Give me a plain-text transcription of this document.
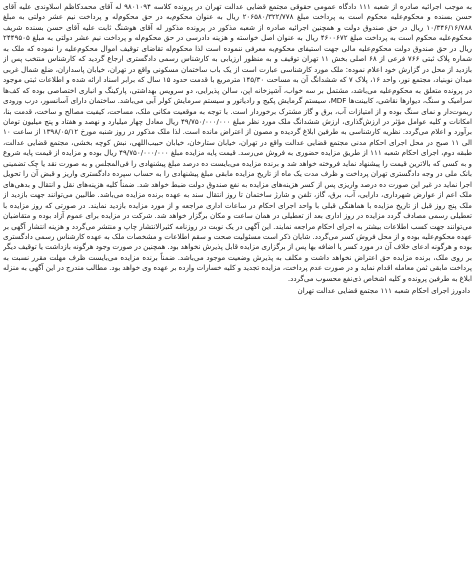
به موجب اجرائیه صادره از شعبه ۱۱۱ دادگاه عمومی حقوقی مجتمع قضایی عدالت تهران در پرونده کلاسه ۹۸۰۱۰۹۴ له آقای محمدکاظم اسلاوندی علیه آقای حسن بسنده و محکوم‌علیه محکوم است به پرداخت مبلغ ۲۰۶۵۸۰/۳۲۲/۷۷۸ ریال به عنوان محکوم‌به در حق محکوم‌له و پرداخت نیم عشر دولتی به مبلغ ۱۰/۳۴۶/۱۶/۷۸۸ ریال در حق صندوق دولت و همچنین اجرائیه صادره از شعبه مذکور در پرونده مذکور له آقای هوشنگ ثابت علیه آقای حسن بسنده شریف محکوم‌علیه محکوم است به پرداخت مبلغ ۴۶۰۰۶۷۲ ریال به عنوان اصل خواسته و هزینه دادرسی در حق محکوم‌له و پرداخت نیم عشر دولتی به مبلغ ۲۴۴۹۵۰۵ ریال در حق صندوق دولت محکوم‌علیه مالی جهت استیفای محکوم‌به معرفی ننموده است لذا محکوم‌له تقاضای توقیف اموال محکوم‌علیه را نموده که ملک به شماره پلاک ثبتی ۷۶۶ فرعی از ۶۸ اصلی بخش ۱۱ تهران توقیف و به منظور ارزیابی به کارشناس رسمی دادگستری ارجاع گردید که کارشناس منتخب پس از بازدید از محل در گزارش خود اعلام نموده: ملک مورد کارشناسی عبارت است از یک باب ساختمان مسکونی واقع در تهران، خیابان پاسداران، ضلع شمال غربی میدان نوبنیاد، مجتمع نور، واحد ۱۶، پلاک ۷ که ششدانگ آن به مساحت ۱۴۵/۳۰ مترمربع با قدمت حدود ۱۵ سال که برابر اسناد ارائه شده و اطلاعات ثبتی موجود در پرونده متعلق به محکوم‌علیه می‌باشد، مشتمل بر سه خواب، آشپزخانه اپن، سالن پذیرایی، دو سرویس بهداشتی، پارکینگ و انباری اختصاصی بوده که کف‌ها سرامیک و سنگ، دیوارها نقاشی، کابینت‌ها MDF، سیستم گرمایش پکیج و رادیاتور و سیستم سرمایش کولر آبی می‌باشد. ساختمان دارای آسانسور، درب ورودی ریموت‌دار و نمای سنگ بوده و از امتیازات آب، برق و گاز مشترک برخوردار است. با توجه به موقعیت مکانی ملک، مساحت، کیفیت مصالح و ساخت، قدمت بنا، امکانات و کلیه عوامل مؤثر در ارزش‌گذاری، ارزش ششدانگ ملک مورد نظر مبلغ ۴۹/۷۵۰/۰۰۰/۰۰۰ ریال معادل چهار میلیارد و نهصد و هفتاد و پنج میلیون تومان برآورد و اعلام می‌گردد. نظریه کارشناسی به طرفین ابلاغ گردیده و مصون از اعتراض مانده است. لذا ملک مذکور در روز شنبه مورخ ۱۳۹۸/۰۵/۱۲ از ساعت ۱۰ الی ۱۱ صبح در محل اجرای احکام مدنی مجتمع قضایی عدالت واقع در تهران، خیابان ستارخان، خیابان حبیب‌اللهی، نبش کوچه بخشی، مجتمع قضایی عدالت، طبقه دوم، اجرای احکام شعبه ۱۱۱ از طریق مزایده حضوری به فروش می‌رسد. قیمت پایه مزایده مبلغ ۴۹/۷۵۰/۰۰۰/۰۰۰ ریال بوده و مزایده از قیمت پایه شروع و به کسی که بالاترین قیمت را پیشنهاد نماید فروخته خواهد شد و برنده مزایده می‌بایست ده درصد مبلغ پیشنهادی را فی‌المجلس و به صورت نقد یا چک تضمینی بانک ملی در وجه دادگستری تهران پرداخت و ظرف مدت یک ماه از تاریخ مزایده مابقی مبلغ پیشنهادی را به حساب سپرده دادگستری واریز و قبض آن را تحویل اجرا نماید در غیر این صورت ده درصد واریزی پس از کسر هزینه‌های مزایده به نفع صندوق دولت ضبط خواهد شد. ضمناً کلیه هزینه‌های نقل و انتقال و بدهی‌های ملک اعم از عوارض شهرداری، دارایی، آب، برق، گاز، تلفن و شارژ ساختمان تا روز انتقال سند به عهده برنده مزایده می‌باشد. طالبین می‌توانند جهت بازدید از ملک پنج روز قبل از تاریخ مزایده با هماهنگی قبلی با واحد اجرای احکام در ساعات اداری مراجعه و از مورد مزایده بازدید نمایند. در صورتی که روز مزایده با تعطیلی رسمی مصادف گردد مزایده در روز اداری بعد از تعطیلی در همان ساعت و مکان برگزار خواهد شد. شرکت در مزایده برای عموم آزاد بوده و متقاضیان می‌توانند جهت کسب اطلاعات بیشتر به اجرای احکام مراجعه نمایند. این آگهی در یک نوبت در روزنامه کثیرالانتشار چاپ و منتشر می‌گردد و هزینه انتشار آگهی بر عهده محکوم‌علیه بوده و از محل فروش کسر می‌گردد. شایان ذکر است مسئولیت صحت و سقم اطلاعات و مشخصات ملک به عهده کارشناس رسمی دادگستری بوده و هرگونه ادعای خلاف آن در مورد کسر یا اضافه بها پس از برگزاری مزایده قابل پذیرش نخواهد بود. همچنین در صورت وجود هرگونه بازداشت یا توقیف دیگر بر روی ملک، برنده مزایده حق اعتراض نخواهد داشت و مکلف به پذیرش وضعیت موجود می‌باشد. ضمناً برنده مزایده می‌بایست ظرف مهلت مقرر نسبت به پرداخت مابقی ثمن معامله اقدام نماید و در صورت عدم پرداخت، مزایده تجدید و کلیه خسارات وارده بر عهده وی خواهد بود. مطالب مندرج در این آگهی به منزله ابلاغ به طرفین پرونده و کلیه اشخاص ذی‌نفع محسوب می‌گردد.

دادورز اجرای احکام شعبه ۱۱۱ مجتمع قضایی عدالت تهران
